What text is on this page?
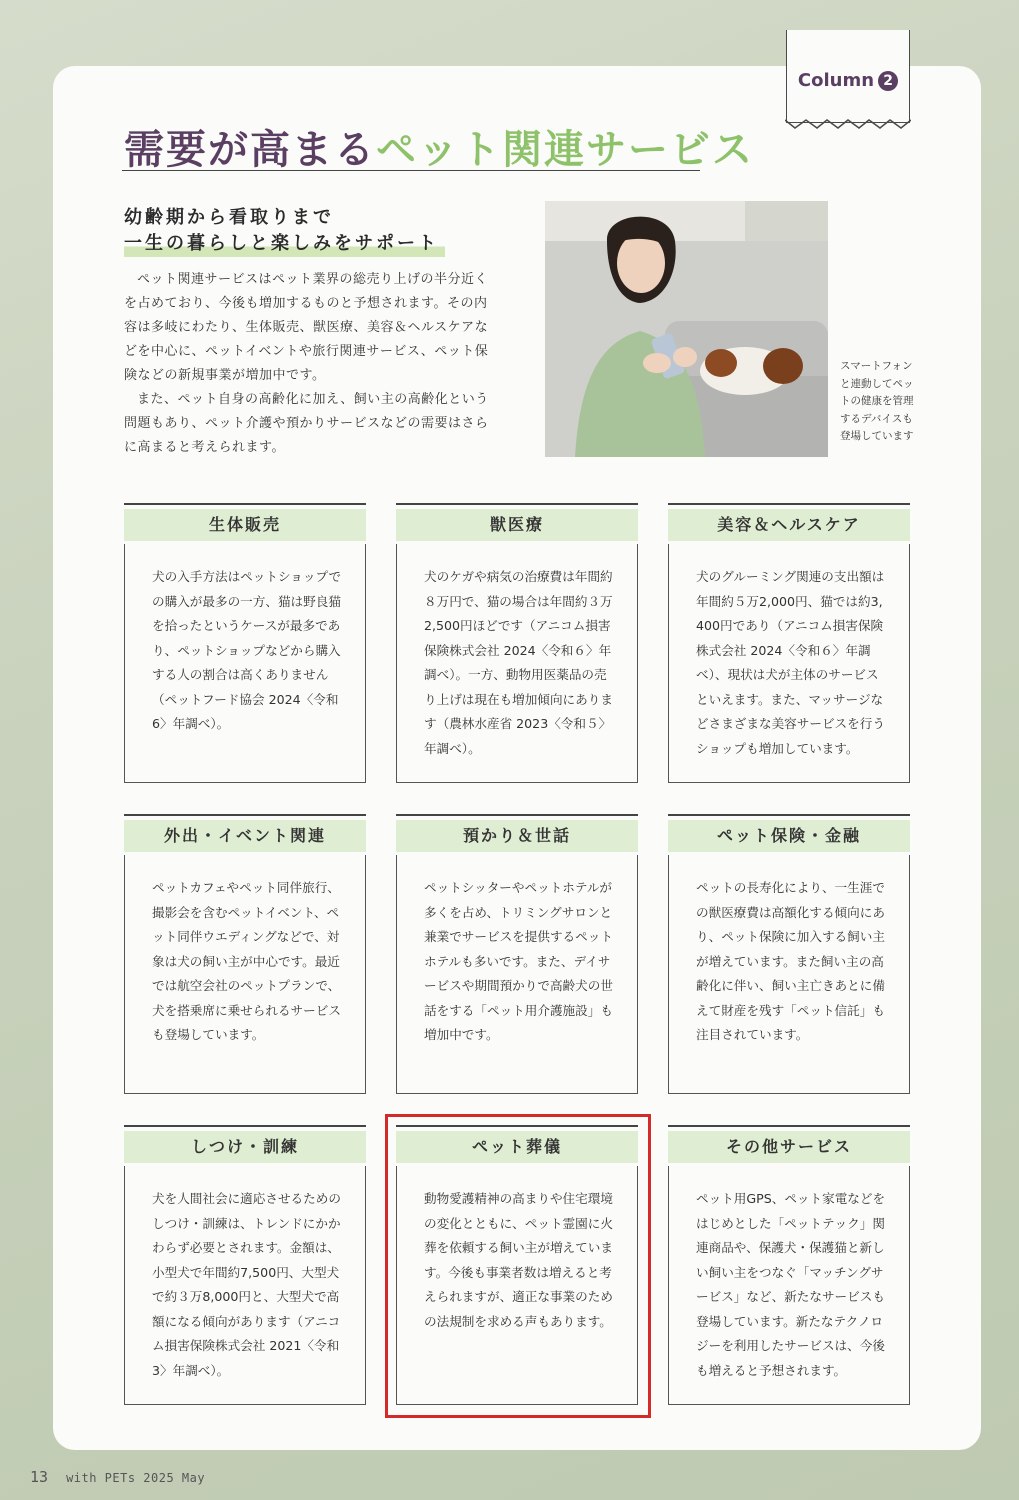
Column 2
需要が高まるペット関連サービス
幼齢期から看取りまで
一生の暮らしと楽しみをサポート

ペット関連サービスはペット業界の総売り上げの半分近くを占めており、今後も増加するものと予想されます。その内容は多岐にわたり、生体販売、獣医療、美容＆ヘルスケアなどを中心に、ペットイベントや旅行関連サービス、ペット保険などの新規事業が増加中です。

また、ペット自身の高齢化に加え、飼い主の高齢化という問題もあり、ペット介護や預かりサービスなどの需要はさらに高まると考えられます。

スマートフォンと連動してペットの健康を管理するデバイスも登場しています
生体販売
犬の入手方法はペットショップでの購入が最多の一方、猫は野良猫を拾ったというケースが最多であり、ペットショップなどから購入する人の割合は高くありません（ペットフード協会 2024〈令和 6〉年調べ）。
獣医療
犬のケガや病気の治療費は年間約８万円で、猫の場合は年間約３万2,500円ほどです（アニコム損害保険株式会社 2024〈令和６〉年調べ）。一方、動物用医薬品の売り上げは現在も増加傾向にあります（農林水産省 2023〈令和５〉年調べ）。
美容＆ヘルスケア
犬のグルーミング関連の支出額は年間約５万2,000円、猫では約3,400円であり（アニコム損害保険株式会社 2024〈令和６〉年調べ）、現状は犬が主体のサービスといえます。また、マッサージなどさまざまな美容サービスを行うショップも増加しています。
外出・イベント関連
ペットカフェやペット同伴旅行、撮影会を含むペットイベント、ペット同伴ウエディングなどで、対象は犬の飼い主が中心です。最近では航空会社のペットプランで、犬を搭乗席に乗せられるサービスも登場しています。
預かり＆世話
ペットシッターやペットホテルが多くを占め、トリミングサロンと兼業でサービスを提供するペットホテルも多いです。また、デイサービスや期間預かりで高齢犬の世話をする「ペット用介護施設」も増加中です。
ペット保険・金融
ペットの長寿化により、一生涯での獣医療費は高額化する傾向にあり、ペット保険に加入する飼い主が増えています。また飼い主の高齢化に伴い、飼い主亡きあとに備えて財産を残す「ペット信託」も注目されています。
しつけ・訓練
犬を人間社会に適応させるためのしつけ・訓練は、トレンドにかかわらず必要とされます。金額は、小型犬で年間約7,500円、大型犬で約３万8,000円と、大型犬で高額になる傾向があります（アニコム損害保険株式会社 2021〈令和3〉年調べ）。
ペット葬儀
動物愛護精神の高まりや住宅環境の変化とともに、ペット霊園に火葬を依頼する飼い主が増えています。今後も事業者数は増えると考えられますが、適正な事業のための法規制を求める声もあります。
その他サービス
ペット用GPS、ペット家電などをはじめとした「ペットテック」関連商品や、保護犬・保護猫と新しい飼い主をつなぐ「マッチングサービス」など、新たなサービスも登場しています。新たなテクノロジーを利用したサービスは、今後も増えると予想されます。
13 with PETs 2025 May
